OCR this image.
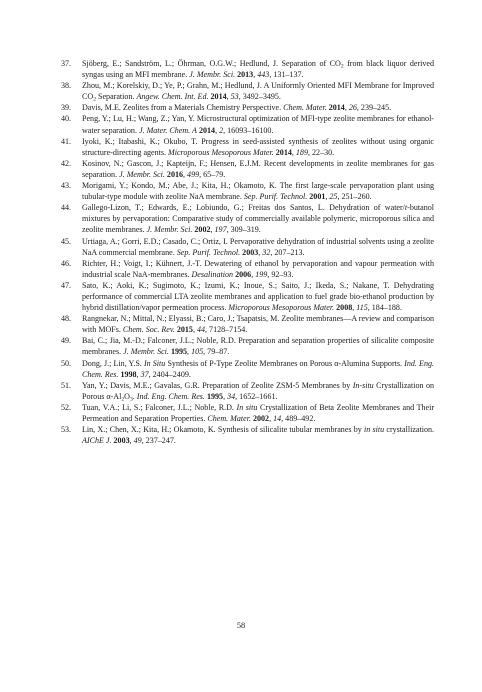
37. Sjöberg, E.; Sandström, L.; Öhrman, O.G.W.; Hedlund, J. Separation of $CO_2$ from black liquor derived syngas using an MFI membrane. J. Membr. Sci. 2013, 443, 131–137.
38. Zhou, M.; Korelskiy, D.; Ye, P.; Grahn, M.; Hedlund, J. A Uniformly Oriented MFI Membrane for Improved $CO_2$ Separation. Angew. Chem. Int. Ed. 2014, 53, 3492–3495.
39. Davis, M.E. Zeolites from a Materials Chemistry Perspective. Chem. Mater. 2014, 26, 239–245.
40. Peng, Y.; Lu, H.; Wang, Z.; Yan, Y. Microstructural optimization of MFI-type zeolite membranes for ethanol-water separation. J. Mater. Chem. A 2014, 2, 16093–16100.
41. Iyoki, K.; Itabashi, K.; Okubo, T. Progress in seed-assisted synthesis of zeolites without using organic structure-directing agents. Microporous Mesoporous Mater. 2014, 189, 22–30.
42. Kosinov, N.; Gascon, J.; Kapteijn, F.; Hensen, E.J.M. Recent developments in zeolite membranes for gas separation. J. Membr. Sci. 2016, 499, 65–79.
43. Morigami, Y.; Kondo, M.; Abe, J.; Kita, H.; Okamoto, K. The first large-scale pervaporation plant using tubular-type module with zeolite NaA membrane. Sep. Purif. Technol. 2001, 25, 251–260.
44. Gallego-Lizon, T.; Edwards, E.; Lobiundo, G.; Freitas dos Santos, L. Dehydration of water/t-butanol mixtures by pervaporation: Comparative study of commercially available polymeric, microporous silica and zeolite membranes. J. Membr. Sci. 2002, 197, 309–319.
45. Urtiaga, A.; Gorri, E.D.; Casado, C.; Ortiz, I. Pervaporative dehydration of industrial solvents using a zeolite NaA commercial membrane. Sep. Purif. Technol. 2003, 32, 207–213.
46. Richter, H.; Voigt, I.; Kühnert, J.-T. Dewatering of ethanol by pervaporation and vapour permeation with industrial scale NaA-membranes. Desalination 2006, 199, 92–93.
47. Sato, K.; Aoki, K.; Sugimoto, K.; Izumi, K.; Inoue, S.; Saito, J.; Ikeda, S.; Nakane, T. Dehydrating performance of commercial LTA zeolite membranes and application to fuel grade bio-ethanol production by hybrid distillation/vapor permeation process. Microporous Mesoporous Mater. 2008, 115, 184–188.
48. Rangnekar, N.; Mittal, N.; Elyassi, B.; Caro, J.; Tsapatsis, M. Zeolite membranes—A review and comparison with MOFs. Chem. Soc. Rev. 2015, 44, 7128–7154.
49. Bai, C.; Jia, M.-D.; Falconer, J.L.; Noble, R.D. Preparation and separation properties of silicalite composite membranes. J. Membr. Sci. 1995, 105, 79–87.
50. Dong, J.; Lin, Y.S. In Situ Synthesis of P-Type Zeolite Membranes on Porous α-Alumina Supports. Ind. Eng. Chem. Res. 1998, 37, 2404–2409.
51. Yan, Y.; Davis, M.E.; Gavalas, G.R. Preparation of Zeolite ZSM-5 Membranes by In-situ Crystallization on Porous $\alpha-Al_2O_3$. Ind. Eng. Chem. Res. 1995, 34, 1652–1661.
52. Tuan, V.A.; Li, S.; Falconer, J.L.; Noble, R.D. In situ Crystallization of Beta Zeolite Membranes and Their Permeation and Separation Properties. Chem. Mater. 2002, 14, 489–492.
53. Lin, X.; Chen, X.; Kita, H.; Okamoto, K. Synthesis of silicalite tubular membranes by in situ crystallization. AIChE J. 2003, 49, 237–247.
58
